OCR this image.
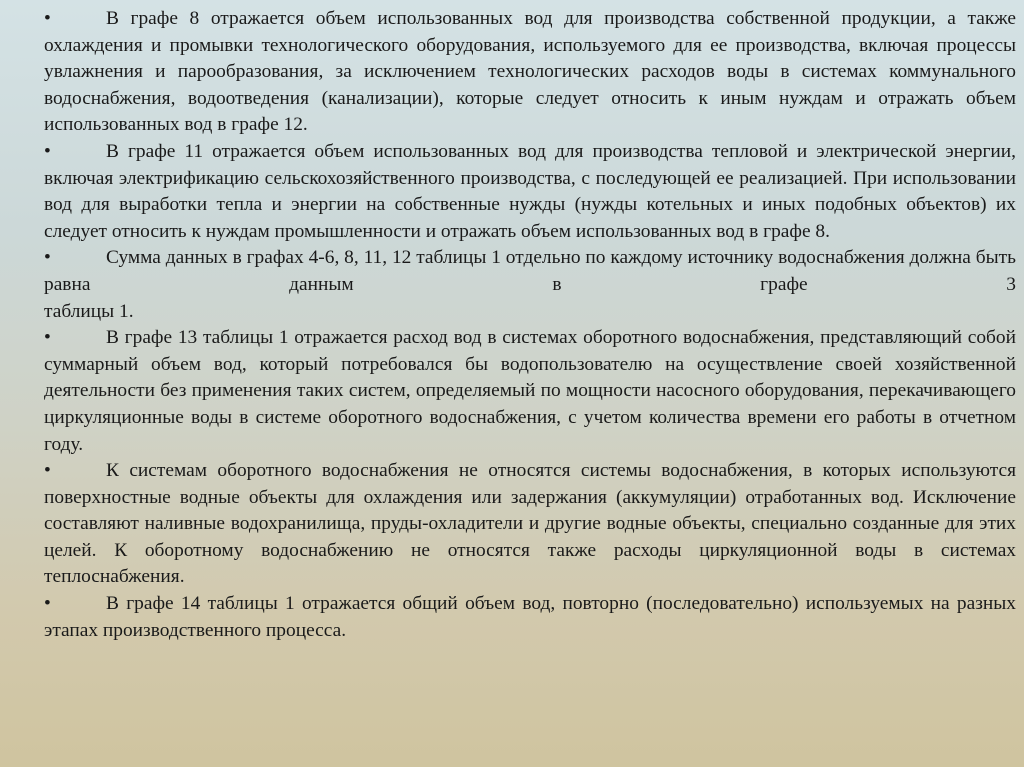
•	В графе 8 отражается объем использованных вод для производства собственной продукции, а также охлаждения и промывки технологического оборудования, используемого для ее производства, включая процессы увлажнения и парообразования, за исключением технологических расходов воды в системах коммунального водоснабжения, водоотведения (канализации), которые следует относить к иным нуждам и отражать объем использованных вод в графе 12.

•	В графе 11 отражается объем использованных вод для производства тепловой и электрической энергии, включая электрификацию сельскохозяйственного производства, с последующей ее реализацией. При использовании вод для выработки тепла и энергии на собственные нужды (нужды котельных и иных подобных объектов) их следует относить к нуждам промышленности и отражать объем использованных вод в графе 8.

•	Сумма данных в графах 4-6, 8, 11, 12 таблицы 1 отдельно по каждому источнику водоснабжения должна быть равна данным в графе 3

таблицы 1.

•	В графе 13 таблицы 1 отражается расход вод в системах оборотного водоснабжения, представляющий собой суммарный объем вод, который потребовался бы водопользователю на осуществление своей хозяйственной деятельности без применения таких систем, определяемый по мощности насосного оборудования, перекачивающего циркуляционные воды в системе оборотного водоснабжения, с учетом количества времени его работы в отчетном году.

•	К системам оборотного водоснабжения не относятся системы водоснабжения, в которых используются поверхностные водные объекты для охлаждения или задержания (аккумуляции) отработанных вод. Исключение составляют наливные водохранилища, пруды-охладители и другие водные объекты, специально созданные для этих целей. К оборотному водоснабжению не относятся также расходы циркуляционной воды в системах теплоснабжения.

•	В графе 14 таблицы 1 отражается общий объем вод, повторно (последовательно) используемых на разных этапах производственного процесса.
